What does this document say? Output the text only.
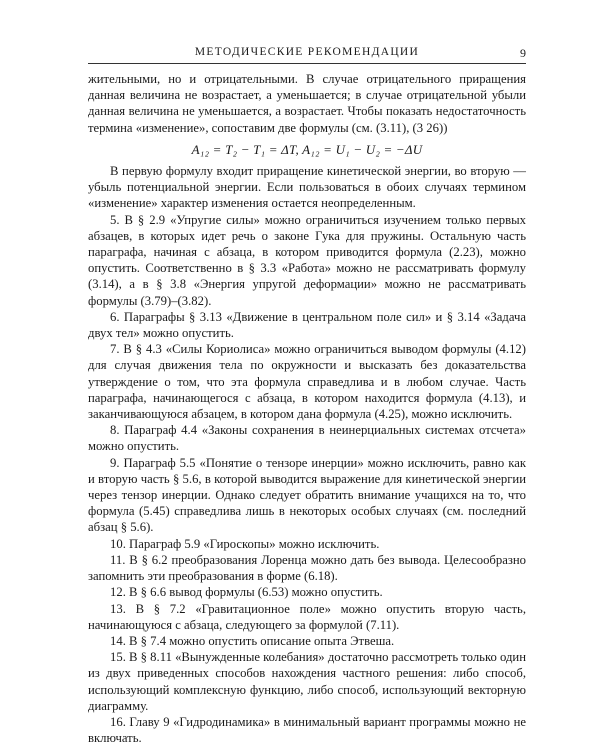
МЕТОДИЧЕСКИЕ РЕКОМЕНДАЦИИ	9

жительными, но и отрицательными. В случае отрицательного приращения данная величина не возрастает, а уменьшается; в случае отрицательной убыли данная величина не уменьшается, а возрастает. Чтобы показать недостаточность термина «изменение», сопоставим две формулы (см. (3.11), (3 26))

A₁₂ = T₂ − T₁ = ΔT, A₁₂ = U₁ − U₂ = −ΔU

В первую формулу входит приращение кинетической энергии, во вторую — убыль потенциальной энергии. Если пользоваться в обоих случаях термином «изменение» характер изменения остается неопределенным.

5. В § 2.9 «Упругие силы» можно ограничиться изучением только первых абзацев, в которых идет речь о законе Гука для пружины. Остальную часть параграфа, начиная с абзаца, в котором приводится формула (2.23), можно опустить. Соответственно в § 3.3 «Работа» можно не рассматривать формулу (3.14), а в § 3.8 «Энергия упругой деформации» можно не рассматривать формулы (3.79)–(3.82).

6. Параграфы § 3.13 «Движение в центральном поле сил» и § 3.14 «Задача двух тел» можно опустить.

7. В § 4.3 «Силы Кориолиса» можно ограничиться выводом формулы (4.12) для случая движения тела по окружности и высказать без доказательства утверждение о том, что эта формула справедлива и в любом случае. Часть параграфа, начинающегося с абзаца, в котором находится формула (4.13), и заканчивающуюся абзацем, в котором дана формула (4.25), можно исключить.

8. Параграф 4.4 «Законы сохранения в неинерциальных системах отсчета» можно опустить.

9. Параграф 5.5 «Понятие о тензоре инерции» можно исключить, равно как и вторую часть § 5.6, в которой выводится выражение для кинетической энергии через тензор инерции. Однако следует обратить внимание учащихся на то, что формула (5.45) справедлива лишь в некоторых особых случаях (см. последний абзац § 5.6).

10. Параграф 5.9 «Гироскопы» можно исключить.

11. В § 6.2 преобразования Лоренца можно дать без вывода. Целесообразно запомнить эти преобразования в форме (6.18).

12. В § 6.6 вывод формулы (6.53) можно опустить.

13. В § 7.2 «Гравитационное поле» можно опустить вторую часть, начинающуюся с абзаца, следующего за формулой (7.11).

14. В § 7.4 можно опустить описание опыта Этвеша.

15. В § 8.11 «Вынужденные колебания» достаточно рассмотреть только один из двух приведенных способов нахождения частного решения: либо способ, использующий комплексную функцию, либо способ, использующий векторную диаграмму.

16. Главу 9 «Гидродинамика» в минимальный вариант программы можно не включать.
